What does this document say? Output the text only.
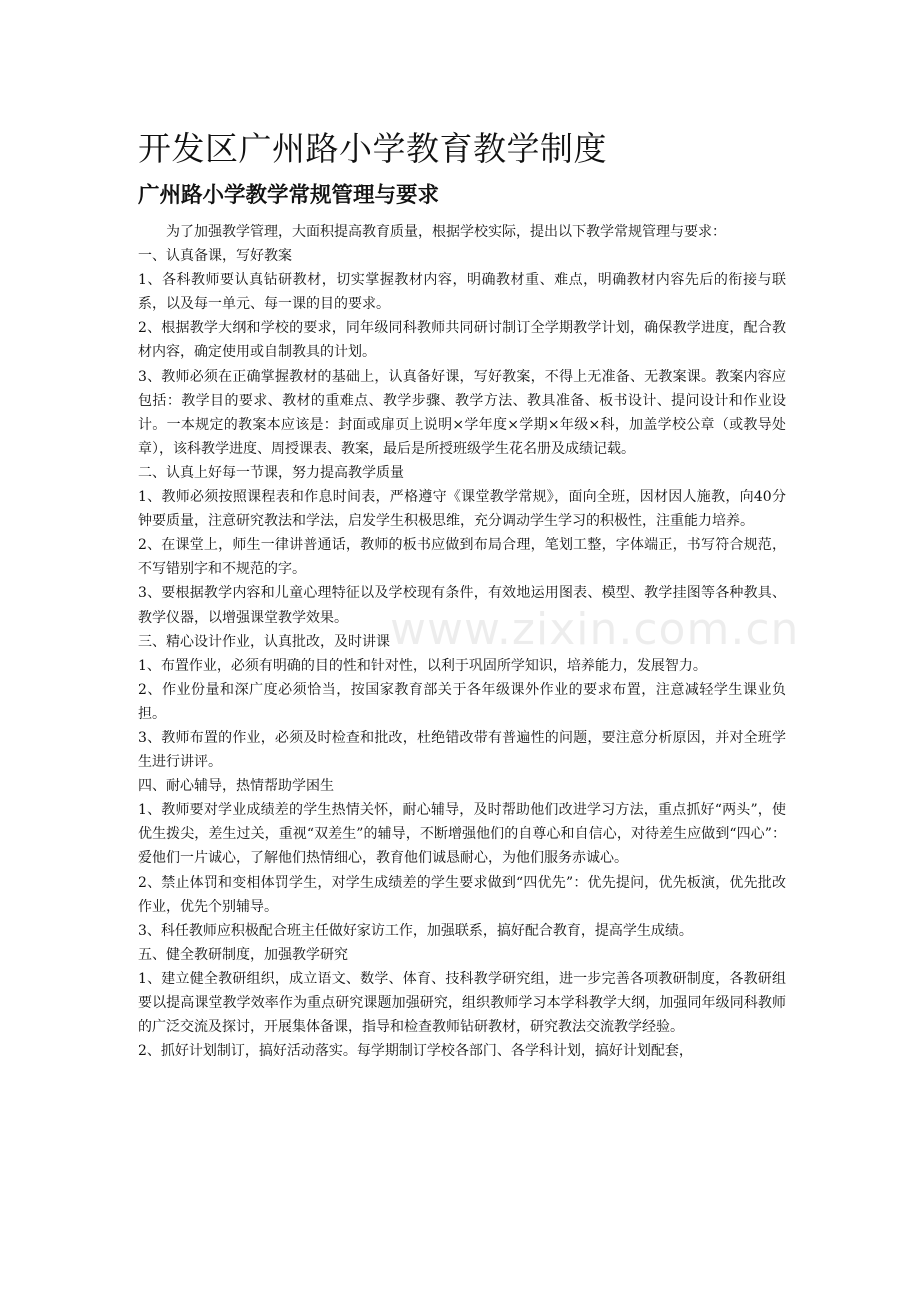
开发区广州路小学教育教学制度
广州路小学教学常规管理与要求

为了加强教学管理，大面积提高教育质量，根据学校实际，提出以下教学常规管理与要求：

一、认真备课，写好教案

1、各科教师要认真钻研教材，切实掌握教材内容，明确教材重、难点，明确教材内容先后的衔接与联系，以及每一单元、每一课的目的要求。

2、根据教学大纲和学校的要求，同年级同科教师共同研讨制订全学期教学计划，确保教学进度，配合教材内容，确定使用或自制教具的计划。

3、教师必须在正确掌握教材的基础上，认真备好课，写好教案，不得上无准备、无教案课。教案内容应包括：教学目的要求、教材的重难点、教学步骤、教学方法、教具准备、板书设计、提问设计和作业设计。一本规定的教案本应该是：封面或扉页上说明×学年度×学期×年级×科，加盖学校公章（或教导处章），该科教学进度、周授课表、教案，最后是所授班级学生花名册及成绩记载。

二、认真上好每一节课，努力提高教学质量

1、教师必须按照课程表和作息时间表，严格遵守《课堂教学常规》，面向全班，因材因人施教，向40分钟要质量，注意研究教法和学法，启发学生积极思维，充分调动学生学习的积极性，注重能力培养。

2、在课堂上，师生一律讲普通话，教师的板书应做到布局合理，笔划工整，字体端正，书写符合规范，不写错别字和不规范的字。

3、要根据教学内容和儿童心理特征以及学校现有条件，有效地运用图表、模型、教学挂图等各种教具、教学仪器，以增强课堂教学效果。

三、精心设计作业，认真批改，及时讲课

1、布置作业，必须有明确的目的性和针对性，以利于巩固所学知识，培养能力，发展智力。

2、作业份量和深广度必须恰当，按国家教育部关于各年级课外作业的要求布置，注意减轻学生课业负担。

3、教师布置的作业，必须及时检查和批改，杜绝错改带有普遍性的问题，要注意分析原因，并对全班学生进行讲评。

四、耐心辅导，热情帮助学困生

1、教师要对学业成绩差的学生热情关怀，耐心辅导，及时帮助他们改进学习方法，重点抓好“两头”，使优生拨尖，差生过关，重视“双差生”的辅导，不断增强他们的自尊心和自信心，对待差生应做到“四心”：爱他们一片诚心，了解他们热情细心，教育他们诚恳耐心，为他们服务赤诚心。

2、禁止体罚和变相体罚学生，对学生成绩差的学生要求做到“四优先”：优先提问，优先板演，优先批改作业，优先个别辅导。

3、科任教师应积极配合班主任做好家访工作，加强联系，搞好配合教育，提高学生成绩。

五、健全教研制度，加强教学研究

1、建立健全教研组织，成立语文、数学、体育、技科教学研究组，进一步完善各项教研制度，各教研组要以提高课堂教学效率作为重点研究课题加强研究，组织教师学习本学科教学大纲，加强同年级同科教师的广泛交流及探讨，开展集体备课，指导和检查教师钻研教材，研究教法交流教学经验。

2、抓好计划制订，搞好活动落实。每学期制订学校各部门、各学科计划，搞好计划配套，

www.zixin.com.cn
